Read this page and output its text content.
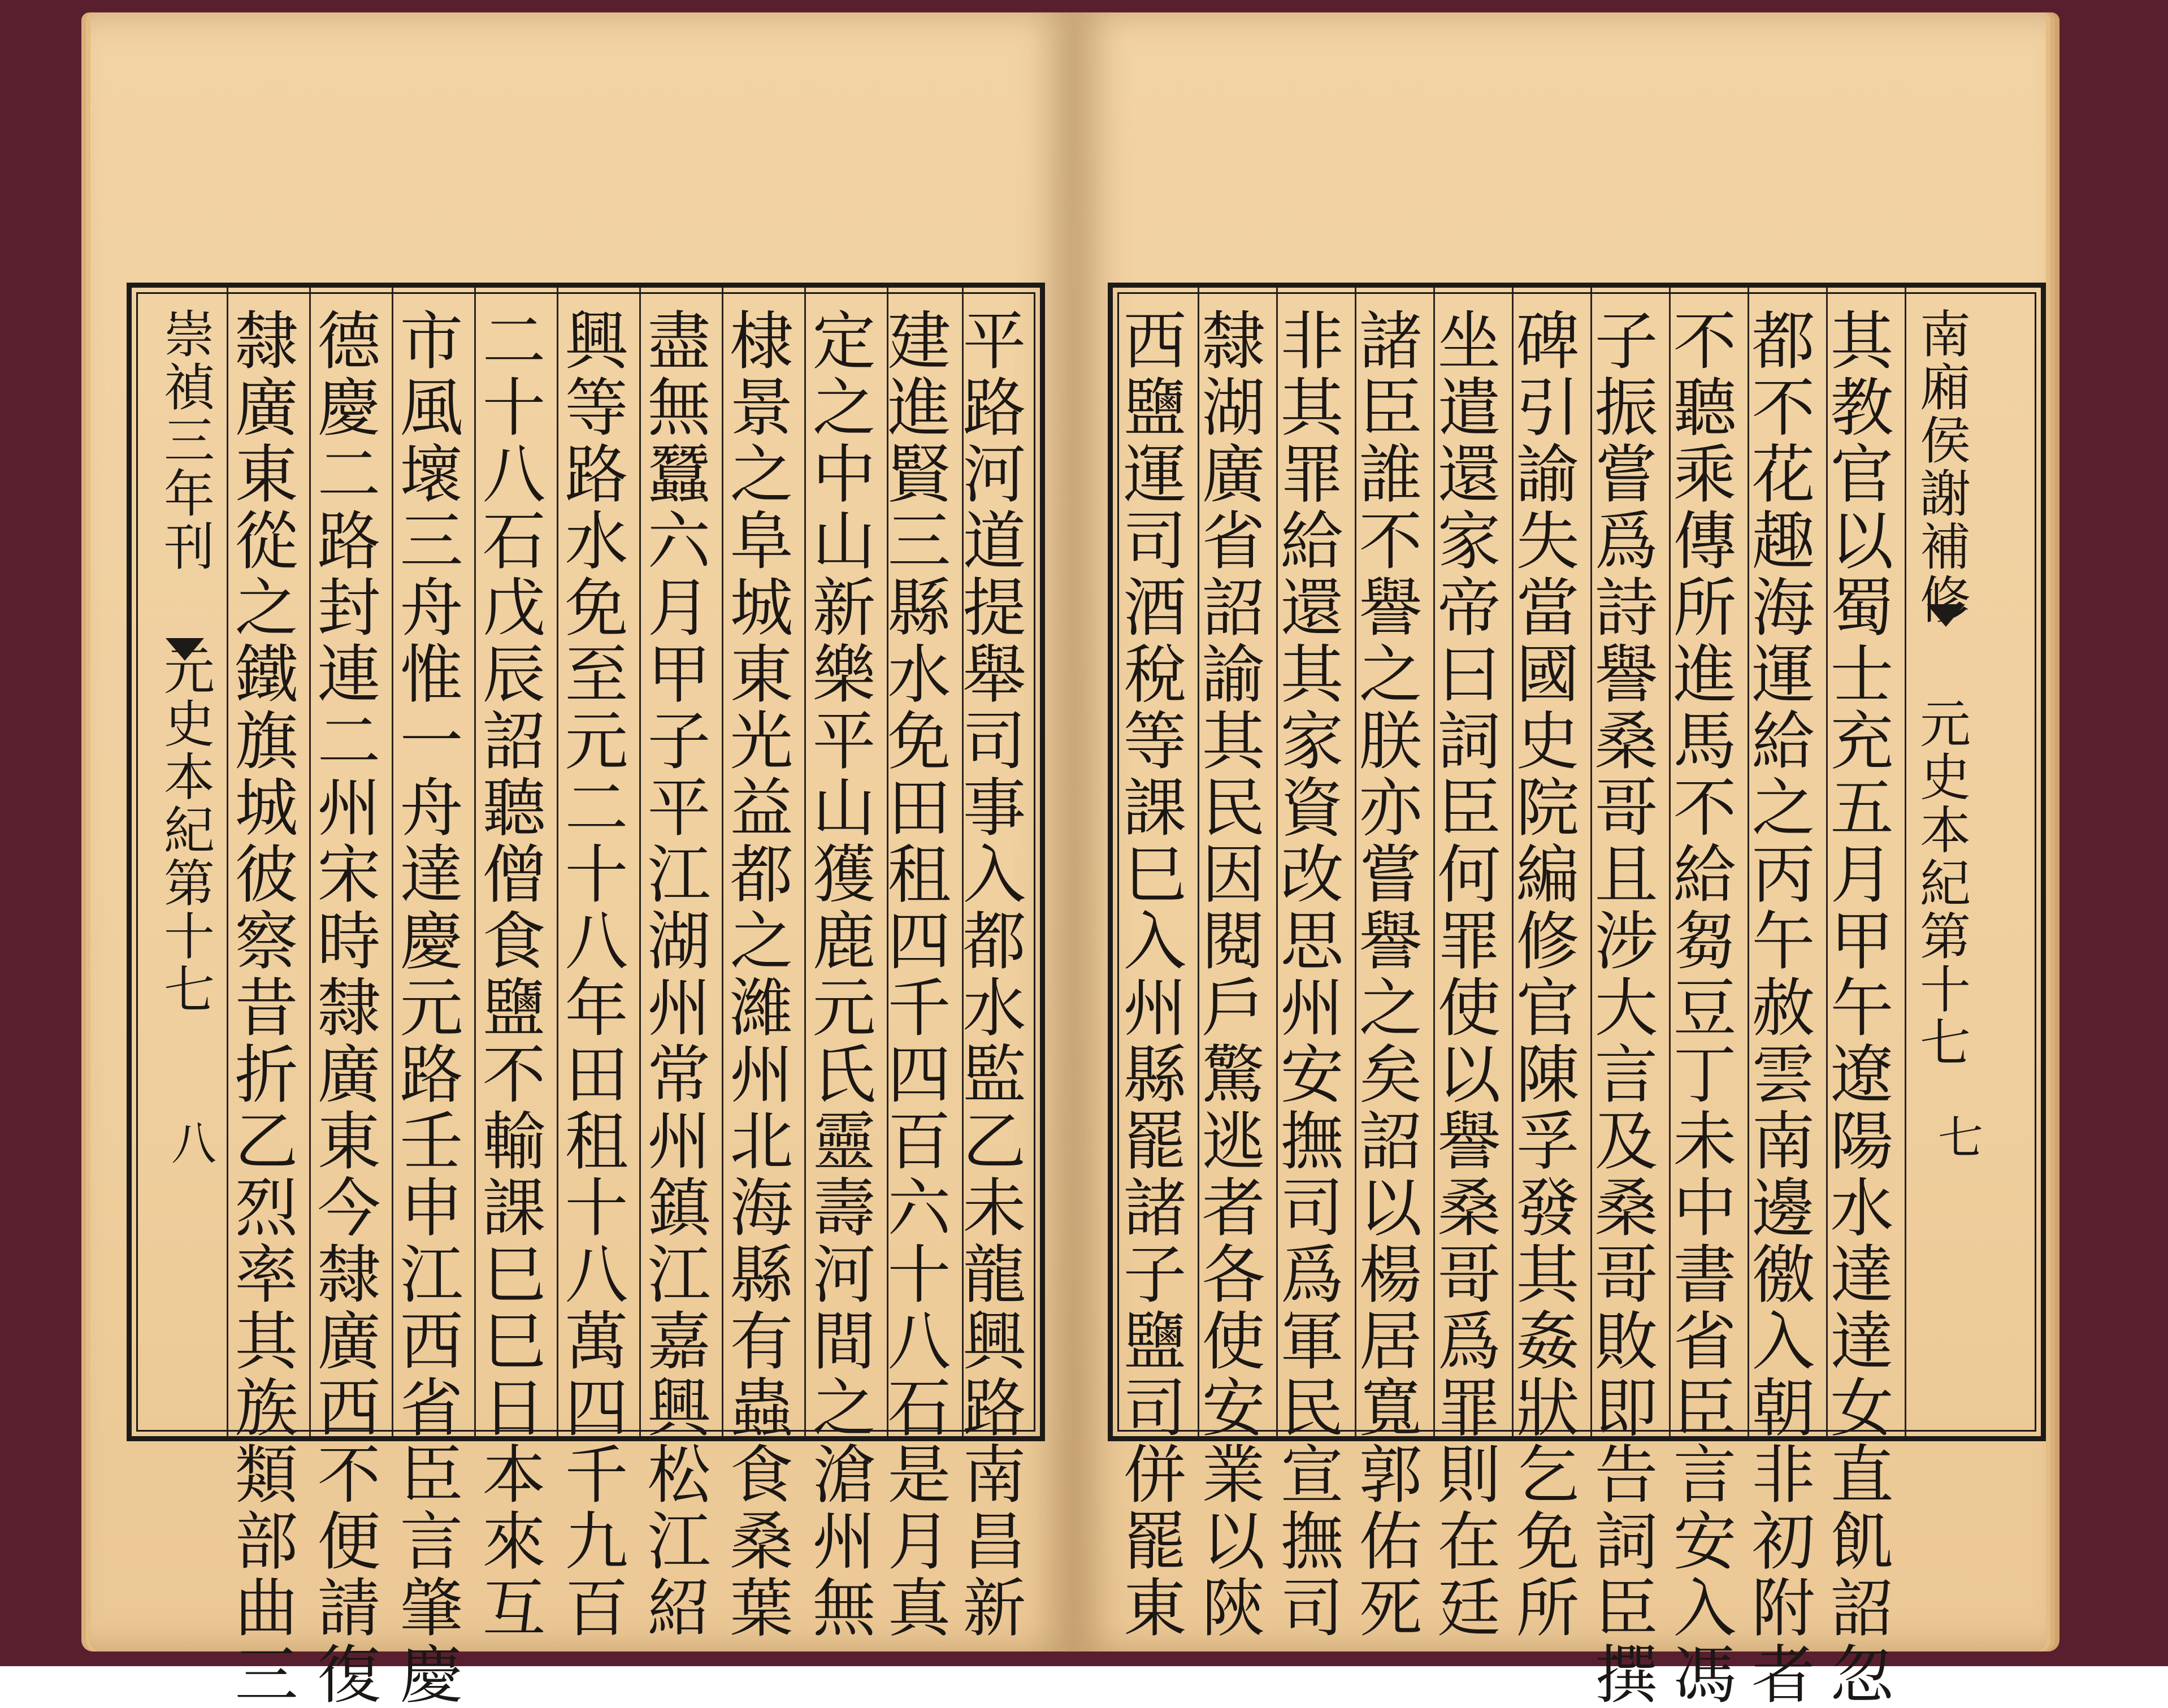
崇禎三年刊  元史本紀第十七
八 隸廣東從之鐵旗城彼察昔折乙烈率其族類部曲三 德慶二路封連二州宋時隸廣東今隸廣西不便請復 市風壞三舟惟一舟達慶元路壬申江西省臣言肇慶 二十八石戊辰詔聽僧食鹽不輸課巳巳日本來互 興等路水免至元二十八年田租十八萬四千九百 盡無蠶六月甲子平江湖州常州鎮江嘉興松江紹 棣景之阜城東光益都之濰州北海縣有蟲食桑葉 定之中山新樂平山獲鹿元氏靈壽河間之滄州無 建進賢三縣水免田租四千四百六十八石是月真 平路河道提舉司事入都水監乙未龍興路南昌新 西鹽運司酒稅等課巳入州縣罷諸子鹽司併罷東 隸湖廣省詔諭其民因閱戶驚逃者各使安業以陝 非其罪給還其家資改思州安撫司爲軍民宣撫司 諸臣誰不譽之朕亦嘗譽之矣詔以楊居寬郭佑死 坐遣還家帝曰詞臣何罪使以譽桑哥爲罪則在廷 碑引諭失當國史院編修官陳孚發其姦狀乞免所 子振嘗爲詩譽桑哥且涉大言及桑哥敗即告詞臣撰 不聽乘傳所進馬不給芻豆丁未中書省臣言安入馮 都不花趣海運給之丙午赦雲南邊徼入朝非初附者 其教官以蜀士充五月甲午遼陽水達達女直飢詔忽 南廂侯謝補修  元史本紀第十七
七
